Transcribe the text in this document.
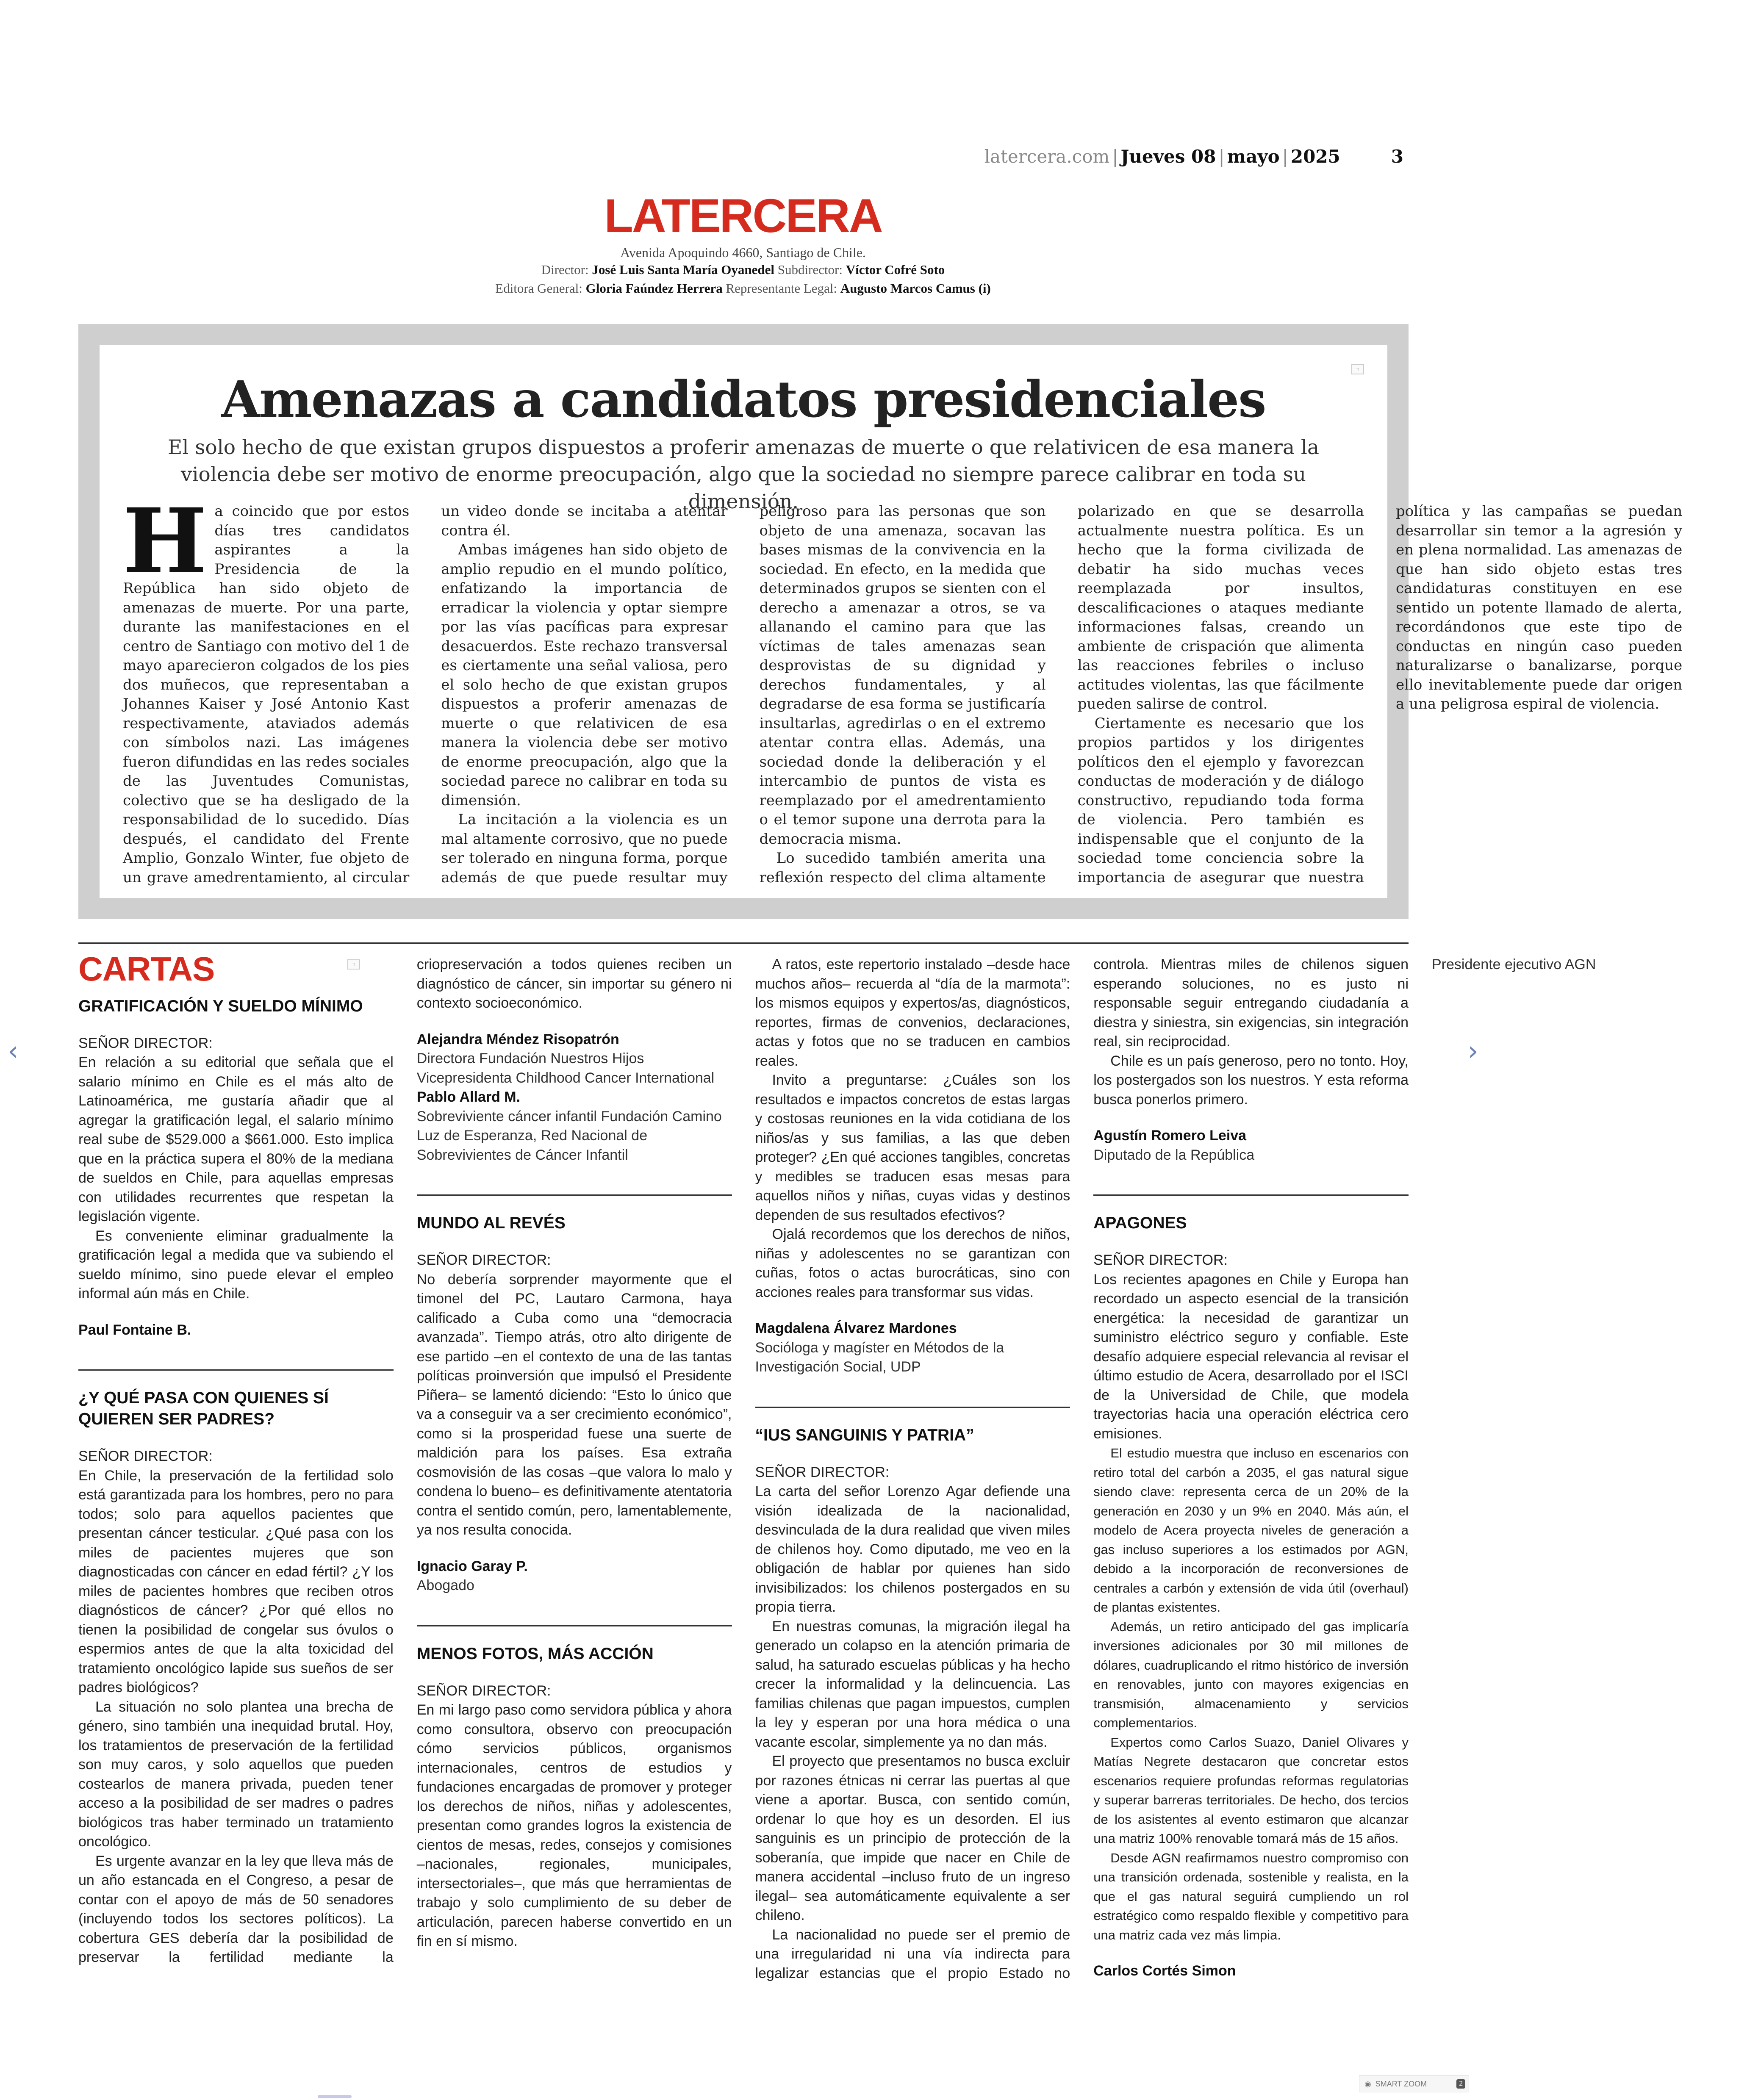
latercera.com | Jueves 08 | mayo | 2025	3
LATERCERA
Avenida Apoquindo 4660, Santiago de Chile.
Director: José Luis Santa María Oyanedel Subdirector: Víctor Cofré Soto
Editora General: Gloria Faúndez Herrera Representante Legal: Augusto Marcos Camus (i)
⌗
Amenazas a candidatos presidenciales
El solo hecho de que existan grupos dispuestos a proferir amenazas de muerte o que relativicen de esa manera la violencia debe ser motivo de enorme preocupación, algo que la sociedad no siempre parece calibrar en toda su dimensión.

Ha coincido que por estos días tres candidatos aspirantes a la Presidencia de la República han sido objeto de amenazas de muerte. Por una parte, durante las manifestaciones en el centro de Santiago con motivo del 1 de mayo aparecieron colgados de los pies dos muñecos, que representaban a Johannes Kaiser y José Antonio Kast respectivamente, ataviados además con símbolos nazi. Las imágenes fueron difundidas en las redes sociales de las Juventudes Comunistas, colectivo que se ha desligado de la responsabilidad de lo sucedido. Días después, el candidato del Frente Amplio, Gonzalo Winter, fue objeto de un grave amedrentamiento, al circular un video donde se incitaba a atentar contra él.

Ambas imágenes han sido objeto de amplio repudio en el mundo político, enfatizando la importancia de erradicar la violencia y optar siempre por las vías pacíficas para expresar desacuerdos. Este rechazo transversal es ciertamente una señal valiosa, pero el solo hecho de que existan grupos dispuestos a proferir amenazas de muerte o que relativicen de esa manera la violencia debe ser motivo de enorme preocupación, algo que la sociedad parece no calibrar en toda su dimensión.

La incitación a la violencia es un mal altamente corrosivo, que no puede ser tolerado en ninguna forma, porque además de que puede resultar muy peligroso para las personas que son objeto de una amenaza, socavan las bases mismas de la convivencia en la sociedad. En efecto, en la medida que determinados grupos se sienten con el derecho a amenazar a otros, se va allanando el camino para que las víctimas de tales amenazas sean desprovistas de su dignidad y derechos fundamentales, y al degradarse de esa forma se justificaría insultarlas, agredirlas o en el extremo atentar contra ellas. Además, una sociedad donde la deliberación y el intercambio de puntos de vista es reemplazado por el amedrentamiento o el temor supone una derrota para la democracia misma.

Lo sucedido también amerita una reflexión respecto del clima altamente polarizado en que se desarrolla actualmente nuestra política. Es un hecho que la forma civilizada de debatir ha sido muchas veces reemplazada por insultos, descalificaciones o ataques mediante informaciones falsas, creando un ambiente de crispación que alimenta las reacciones febriles o incluso actitudes violentas, las que fácilmente pueden salirse de control.

Ciertamente es necesario que los propios partidos y los dirigentes políticos den el ejemplo y favorezcan conductas de moderación y de diálogo constructivo, repudiando toda forma de violencia. Pero también es indispensable que el conjunto de la sociedad tome conciencia sobre la importancia de asegurar que nuestra política y las campañas se puedan desarrollar sin temor a la agresión y en plena normalidad. Las amenazas de que han sido objeto estas tres candidaturas constituyen en ese sentido un potente llamado de alerta, recordándonos que este tipo de conductas en ningún caso pueden naturalizarse o banalizarse, porque ello inevitablemente puede dar origen a una peligrosa espiral de violencia.

⌗
CARTAS
GRATIFICACIÓN Y SUELDO MÍNIMO

SEÑOR DIRECTOR:

En relación a su editorial que señala que el salario mínimo en Chile es el más alto de Latinoamérica, me gustaría añadir que al agregar la gratificación legal, el salario mínimo real sube de $529.000 a $661.000. Esto implica que en la práctica supera el 80% de la mediana de sueldos en Chile, para aquellas empresas con utilidades recurrentes que respetan la legislación vigente.

Es conveniente eliminar gradualmente la gratificación legal a medida que va subiendo el sueldo mínimo, sino puede elevar el empleo informal aún más en Chile.

Paul Fontaine B.
¿Y QUÉ PASA CON QUIENES SÍ QUIEREN SER PADRES?

SEÑOR DIRECTOR:

En Chile, la preservación de la fertilidad solo está garantizada para los hombres, pero no para todos; solo para aquellos pacientes que presentan cáncer testicular. ¿Qué pasa con los miles de pacientes mujeres que son diagnosticadas con cáncer en edad fértil? ¿Y los miles de pacientes hombres que reciben otros diagnósticos de cáncer? ¿Por qué ellos no tienen la posibilidad de congelar sus óvulos o espermios antes de que la alta toxicidad del tratamiento oncológico lapide sus sueños de ser padres biológicos?

La situación no solo plantea una brecha de género, sino también una inequidad brutal. Hoy, los tratamientos de preservación de la fertilidad son muy caros, y solo aquellos que pueden costearlos de manera privada, pueden tener acceso a la posibilidad de ser madres o padres biológicos tras haber terminado un tratamiento oncológico.

Es urgente avanzar en la ley que lleva más de un año estancada en el Congreso, a pesar de contar con el apoyo de más de 50 senadores (incluyendo todos los sectores políticos). La cobertura GES debería dar la posibilidad de preservar la fertilidad mediante la criopreservación a todos quienes reciben un diagnóstico de cáncer, sin importar su género ni contexto socioeconómico.

Alejandra Méndez Risopatrón
Directora Fundación Nuestros Hijos
Vicepresidenta Childhood Cancer International
Pablo Allard M.
Sobreviviente cáncer infantil Fundación Camino Luz de Esperanza, Red Nacional de Sobrevivientes de Cáncer Infantil
MUNDO AL REVÉS

SEÑOR DIRECTOR:

No debería sorprender mayormente que el timonel del PC, Lautaro Carmona, haya calificado a Cuba como una “democracia avanzada”. Tiempo atrás, otro alto dirigente de ese partido –en el contexto de una de las tantas políticas proinversión que impulsó el Presidente Piñera– se lamentó diciendo: “Esto lo único que va a conseguir va a ser crecimiento económico”, como si la prosperidad fuese una suerte de maldición para los países. Esa extraña cosmovisión de las cosas –que valora lo malo y condena lo bueno– es definitivamente atentatoria contra el sentido común, pero, lamentablemente, ya nos resulta conocida.

Ignacio Garay P.
Abogado
MENOS FOTOS, MÁS ACCIÓN

SEÑOR DIRECTOR:

En mi largo paso como servidora pública y ahora como consultora, observo con preocupación cómo servicios públicos, organismos internacionales, centros de estudios y fundaciones encargadas de promover y proteger los derechos de niños, niñas y adolescentes, presentan como grandes logros la existencia de cientos de mesas, redes, consejos y comisiones –nacionales, regionales, municipales, intersectoriales–, que más que herramientas de trabajo y solo cumplimiento de su deber de articulación, parecen haberse convertido en un fin en sí mismo.

A ratos, este repertorio instalado –desde hace muchos años– recuerda al “día de la marmota”: los mismos equipos y expertos/as, diagnósticos, reportes, firmas de convenios, declaraciones, actas y fotos que no se traducen en cambios reales.

Invito a preguntarse: ¿Cuáles son los resultados e impactos concretos de estas largas y costosas reuniones en la vida cotidiana de los niños/as y sus familias, a las que deben proteger? ¿En qué acciones tangibles, concretas y medibles se traducen esas mesas para aquellos niños y niñas, cuyas vidas y destinos dependen de sus resultados efectivos?

Ojalá recordemos que los derechos de niños, niñas y adolescentes no se garantizan con cuñas, fotos o actas burocráticas, sino con acciones reales para transformar sus vidas.

Magdalena Álvarez Mardones
Socióloga y magíster en Métodos de la Investigación Social, UDP
“IUS SANGUINIS Y PATRIA”

SEÑOR DIRECTOR:

La carta del señor Lorenzo Agar defiende una visión idealizada de la nacionalidad, desvinculada de la dura realidad que viven miles de chilenos hoy. Como diputado, me veo en la obligación de hablar por quienes han sido invisibilizados: los chilenos postergados en su propia tierra.

En nuestras comunas, la migración ilegal ha generado un colapso en la atención primaria de salud, ha saturado escuelas públicas y ha hecho crecer la informalidad y la delincuencia. Las familias chilenas que pagan impuestos, cumplen la ley y esperan por una hora médica o una vacante escolar, simplemente ya no dan más.

El proyecto que presentamos no busca excluir por razones étnicas ni cerrar las puertas al que viene a aportar. Busca, con sentido común, ordenar lo que hoy es un desorden. El ius sanguinis es un principio de protección de la soberanía, que impide que nacer en Chile de manera accidental –incluso fruto de un ingreso ilegal– sea automáticamente equivalente a ser chileno.

La nacionalidad no puede ser el premio de una irregularidad ni una vía indirecta para legalizar estancias que el propio Estado no controla. Mientras miles de chilenos siguen esperando soluciones, no es justo ni responsable seguir entregando ciudadanía a diestra y siniestra, sin exigencias, sin integración real, sin reciprocidad.

Chile es un país generoso, pero no tonto. Hoy, los postergados son los nuestros. Y esta reforma busca ponerlos primero.

Agustín Romero Leiva
Diputado de la República
APAGONES

SEÑOR DIRECTOR:

Los recientes apagones en Chile y Europa han recordado un aspecto esencial de la transición energética: la necesidad de garantizar un suministro eléctrico seguro y confiable. Este desafío adquiere especial relevancia al revisar el último estudio de Acera, desarrollado por el ISCI de la Universidad de Chile, que modela trayectorias hacia una operación eléctrica cero emisiones.

El estudio muestra que incluso en escenarios con retiro total del carbón a 2035, el gas natural sigue siendo clave: representa cerca de un 20% de la generación en 2030 y un 9% en 2040. Más aún, el modelo de Acera proyecta niveles de generación a gas incluso superiores a los estimados por AGN, debido a la incorporación de reconversiones de centrales a carbón y extensión de vida útil (overhaul) de plantas existentes.

Además, un retiro anticipado del gas implicaría inversiones adicionales por 30 mil millones de dólares, cuadruplicando el ritmo histórico de inversión en renovables, junto con mayores exigencias en transmisión, almacenamiento y servicios complementarios.

Expertos como Carlos Suazo, Daniel Olivares y Matías Negrete destacaron que concretar estos escenarios requiere profundas reformas regulatorias y superar barreras territoriales. De hecho, dos tercios de los asistentes al evento estimaron que alcanzar una matriz 100% renovable tomará más de 15 años.

Desde AGN reafirmamos nuestro compromiso con una transición ordenada, sostenible y realista, en la que el gas natural seguirá cumpliendo un rol estratégico como respaldo flexible y competitivo para una matriz cada vez más limpia.

Carlos Cortés Simon
Presidente ejecutivo AGN
‹	›
◉ SMART ZOOM	2
